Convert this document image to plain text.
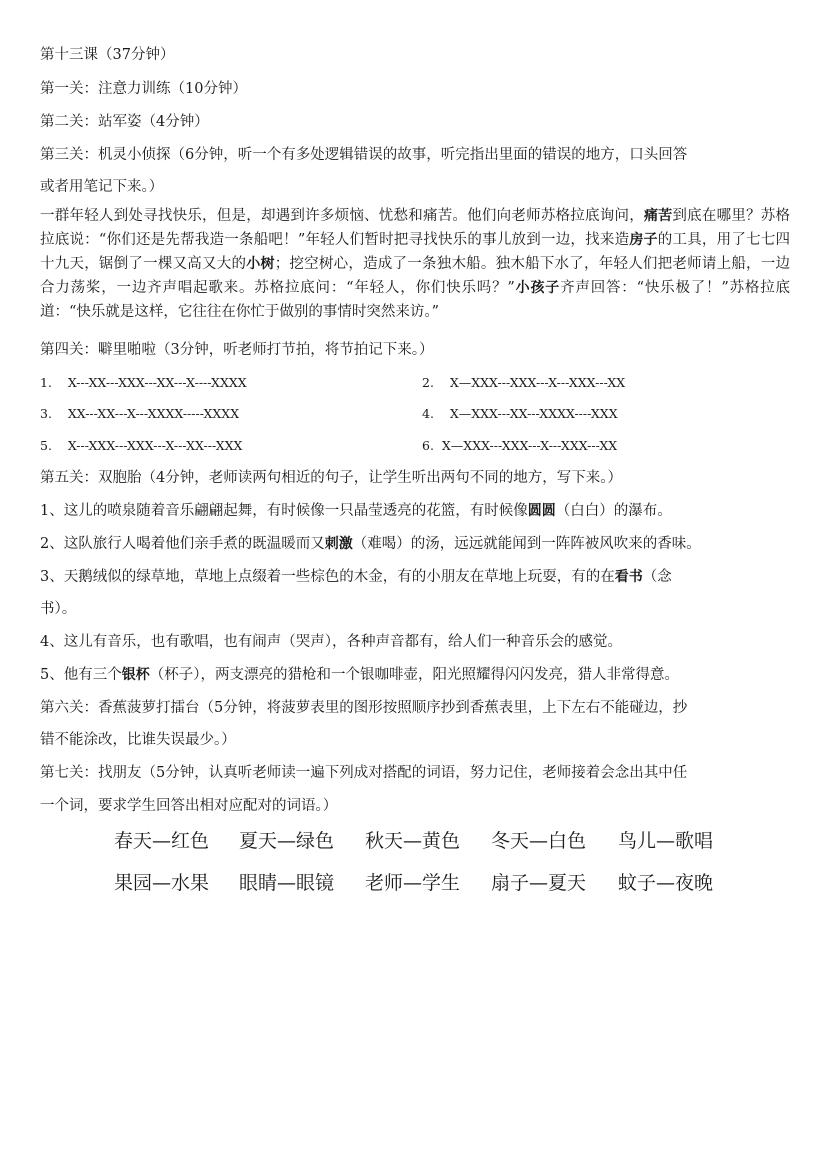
第十三课（37分钟）
第一关：注意力训练（10分钟）
第二关：站军姿（4分钟）
第三关：机灵小侦探（6分钟，听一个有多处逻辑错误的故事，听完指出里面的错误的地方，口头回答
或者用笔记下来。）
一群年轻人到处寻找快乐，但是，却遇到许多烦恼、忧愁和痛苦。他们向老师苏格拉底询问，痛苦到底在哪里？苏格拉底说：“你们还是先帮我造一条船吧！”年轻人们暂时把寻找快乐的事儿放到一边，找来造房子的工具，用了七七四十九天，锯倒了一棵又高又大的小树；挖空树心，造成了一条独木船。独木船下水了，年轻人们把老师请上船，一边合力荡桨，一边齐声唱起歌来。苏格拉底问：“年轻人，你们快乐吗？”小孩子齐声回答：“快乐极了！”苏格拉底道：“快乐就是这样，它往往在你忙于做别的事情时突然来访。”
第四关：噼里啪啦（3分钟，听老师打节拍，将节拍记下来。）
1. X---XX---XXX---XX---X----XXXX	2. X—XXX---XXX---X---XXX---XX
3. XX---XX---X---XXXX-----XXXX	4. X—XXX---XX---XXXX----XXX
5. X---XXX---XXX---X---XX---XXX	6. X—XXX---XXX---X---XXX---XX
第五关：双胞胎（4分钟，老师读两句相近的句子，让学生听出两句不同的地方，写下来。）
1、这儿的喷泉随着音乐翩翩起舞，有时候像一只晶莹透亮的花篮，有时候像圆圆（白白）的瀑布。
2、这队旅行人喝着他们亲手煮的既温暖而又刺激（难喝）的汤，远远就能闻到一阵阵被风吹来的香味。
3、天鹅绒似的绿草地，草地上点缀着一些棕色的木金，有的小朋友在草地上玩耍，有的在看书（念
书）。
4、这儿有音乐，也有歌唱，也有闹声（哭声），各种声音都有，给人们一种音乐会的感觉。
5、他有三个银杯（杯子），两支漂亮的猎枪和一个银咖啡壶，阳光照耀得闪闪发亮，猎人非常得意。
第六关：香蕉菠萝打擂台（5分钟，将菠萝表里的图形按照顺序抄到香蕉表里，上下左右不能碰边，抄
错不能涂改，比谁失误最少。）
第七关：找朋友（5分钟，认真听老师读一遍下列成对搭配的词语，努力记住，老师接着会念出其中任
一个词，要求学生回答出相对应配对的词语。）
春天—红色 夏天—绿色 秋天—黄色 冬天—白色 鸟儿—歌唱
果园—水果 眼睛—眼镜 老师—学生 扇子—夏天 蚊子—夜晚
